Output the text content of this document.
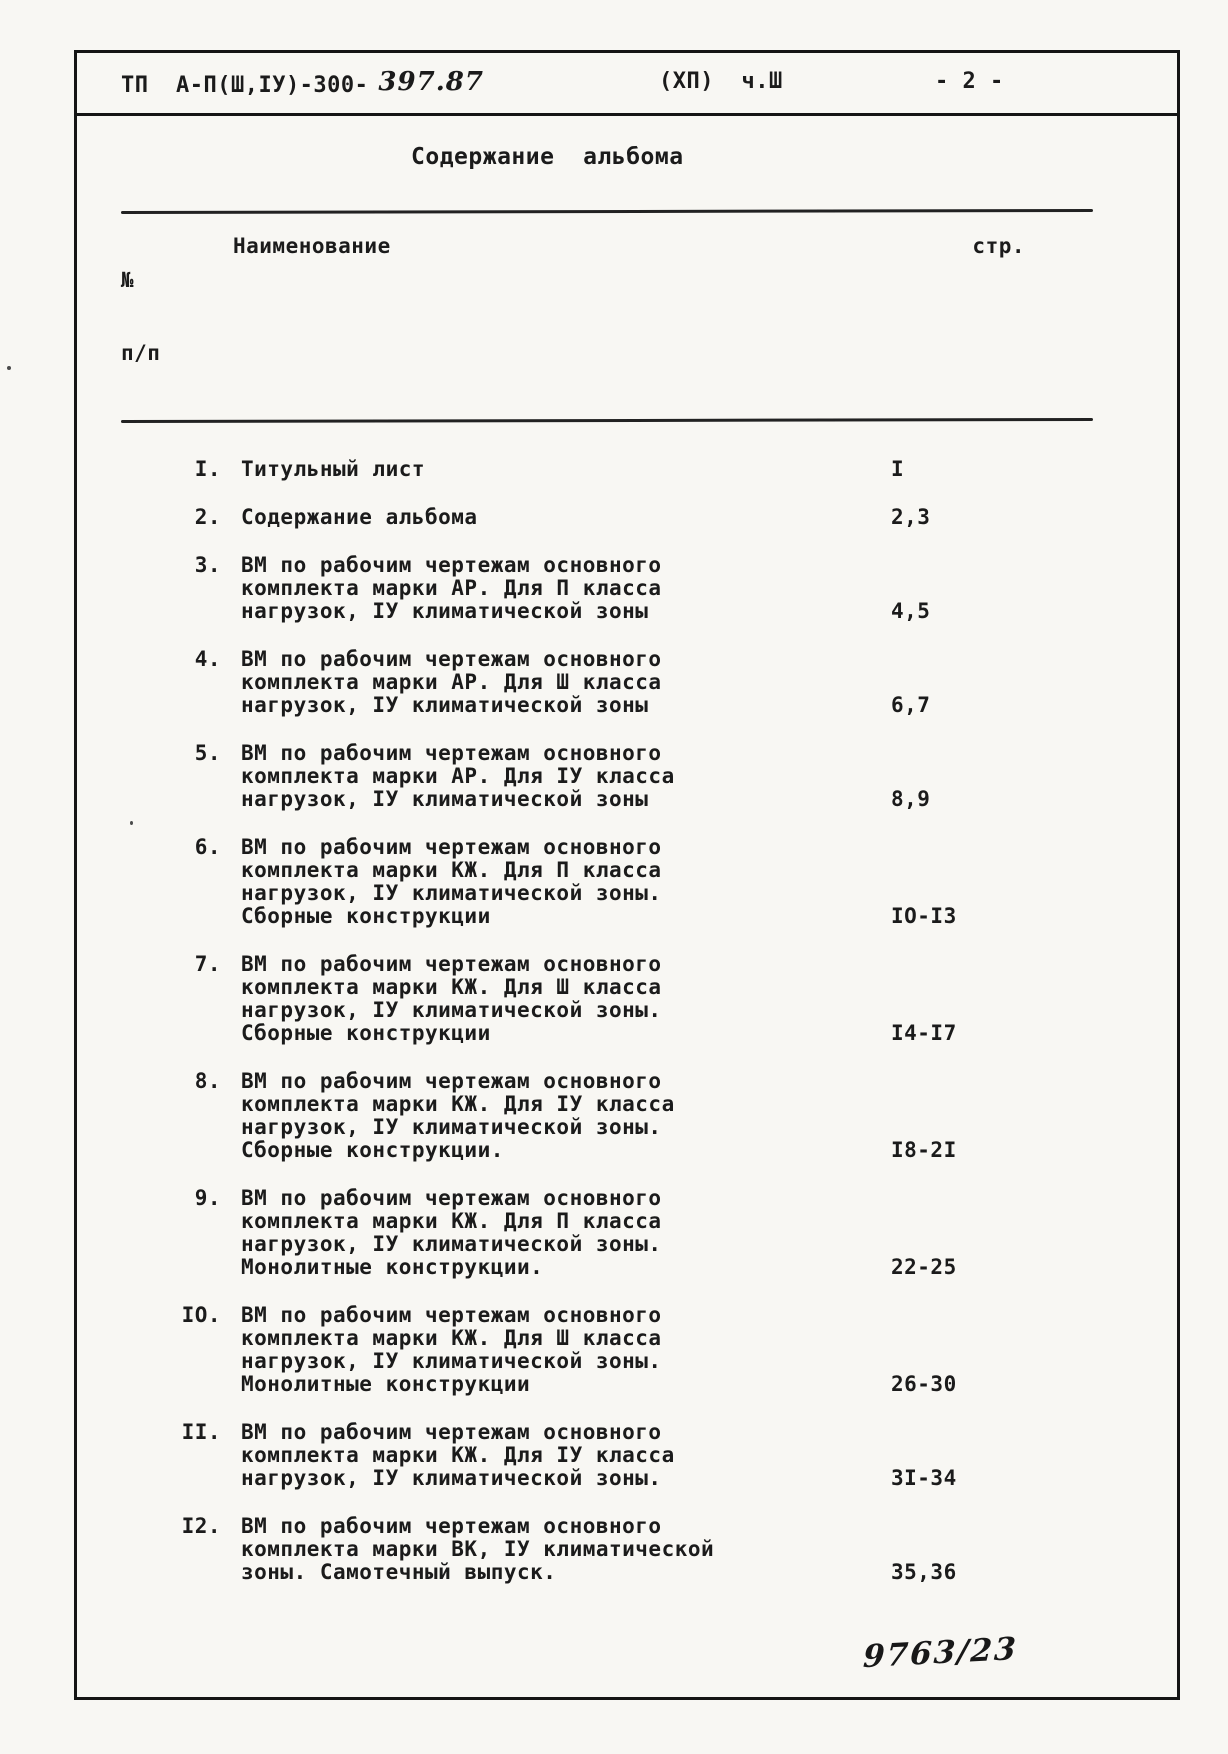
ТП  А-П(Ш,IУ)-300- 397.87	(ХП)  ч.Ш	- 2 -
Содержание  альбома

№

п/п

Наименование	стр.
I. Титульный лист	I
2. Содержание альбома	2,3
3. ВМ по рабочим чертежам основного
комплекта марки АР. Для П класса
нагрузок, IУ климатической зоны	4,5
4. ВМ по рабочим чертежам основного
комплекта марки АР. Для Ш класса
нагрузок, IУ климатической зоны	6,7
5. ВМ по рабочим чертежам основного
комплекта марки АР. Для IУ класса
нагрузок, IУ климатической зоны	8,9
6. ВМ по рабочим чертежам основного
комплекта марки КЖ. Для П класса
нагрузок, IУ климатической зоны.
Сборные конструкции	IO-I3
7. ВМ по рабочим чертежам основного
комплекта марки КЖ. Для Ш класса
нагрузок, IУ климатической зоны.
Сборные конструкции	I4-I7
8. ВМ по рабочим чертежам основного
комплекта марки КЖ. Для IУ класса
нагрузок, IУ климатической зоны.
Сборные конструкции.	I8-2I
9. ВМ по рабочим чертежам основного
комплекта марки КЖ. Для П класса
нагрузок, IУ климатической зоны.
Монолитные конструкции.	22-25
IO. ВМ по рабочим чертежам основного
комплекта марки КЖ. Для Ш класса
нагрузок, IУ климатической зоны.
Монолитные конструкции	26-30
II. ВМ по рабочим чертежам основного
комплекта марки КЖ. Для IУ класса
нагрузок, IУ климатической зоны.	3I-34
I2. ВМ по рабочим чертежам основного
комплекта марки ВК, IУ климатической
зоны. Самотечный выпуск.	35,36
9763/23
